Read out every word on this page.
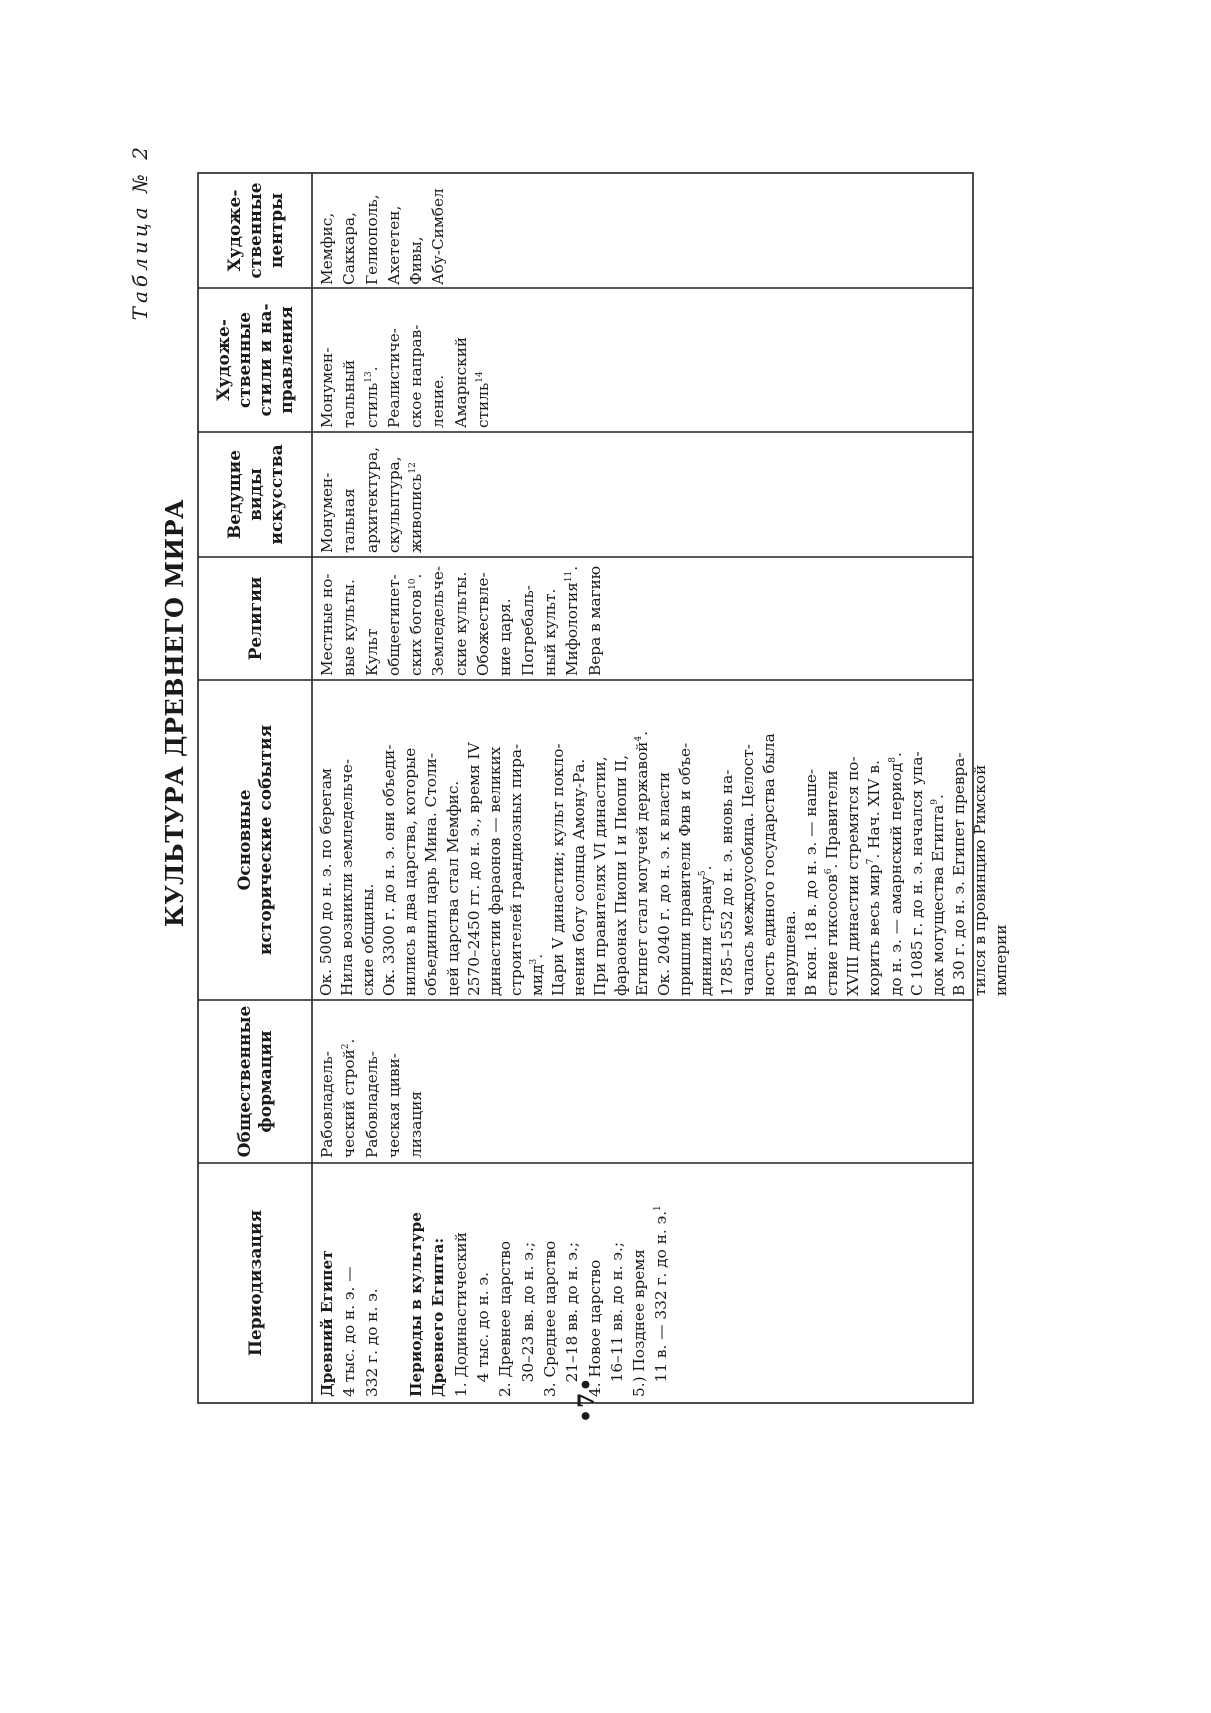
•7•
Таблица № 2
КУЛЬТУРА ДРЕВНЕГО МИРА
Периодизация
Общественные
формации
Основные
исторические события
Религии
Ведущие
виды
искусства
Художе-
ственные
стили и на-
правления
Художе-
ственные
центры
Древний Египет 4 тыс. до н. э. — 332 г. до н. э. Периоды в культуре Древнего Египта: 1. Додинастический 4 тыс. до н. э. 2. Древнее царство 30–23 вв. до н. э.; 3. Среднее царство 21–18 вв. до н. э.; 4. Новое царство 16–11 вв. до н. э.; 5.) Позднее время 11 в. — 332 г. до н. э.$^1$
Рабовладель- ческий строй$^2$.
Рабовладель- ческая циви- лизация
Ок. 5000 до н. э. по берегам Нила возникли земледельче- ские общины. Ок. 3300 г. до н. э. они объеди- нились в два царства, которые объединил царь Мина. Столи- цей царства стал Мемфис. 2570–2450 гг. до н. э., время IV династии фараонов — великих строителей грандиозных пира- мид$^3$.
Цари V династии; культ покло- нения богу солнца Амону-Ра. При правителях VI династии, фараонах Пиопи I и Пиопи II, Египет стал могучей державой$^4$.
Ок. 2040 г. до н. э. к власти пришли правители Фив и объе- динили страну$^5$.
1785–1552 до н. э. вновь на- чалась междоусобица. Целост- ность единого государства была нарушена. В кон. 18 в. до н. э. — наше- ствие гиксосов$^6$. Правители XVIII династии стремятся по- корить весь мир$^7$. Нач. XIV в. до н. э. — амарнский период$^8$.
С 1085 г. до н. э. начался упа- док могущества Египта$^9$.
В 30 г. до н. э. Египет превра- тился в провинцию Римской империи
Местные но- вые культы. Культ общеегипет- ских богов$^{10}$.
Земледельче- ские культы. Обожествле- ние царя. Погребаль- ный культ. Мифология$^{11}$.
Вера в магию
Монумен- тальная архитектура, скульптура, живопись$^{12}$
Монумен- тальный стиль$^{13}$.
Реалистиче- ское направ- ление. Амарнский стиль$^{14}$
Мемфис, Саккара, Гелиополь, Ахететен, Фивы, Абу-Симбел
